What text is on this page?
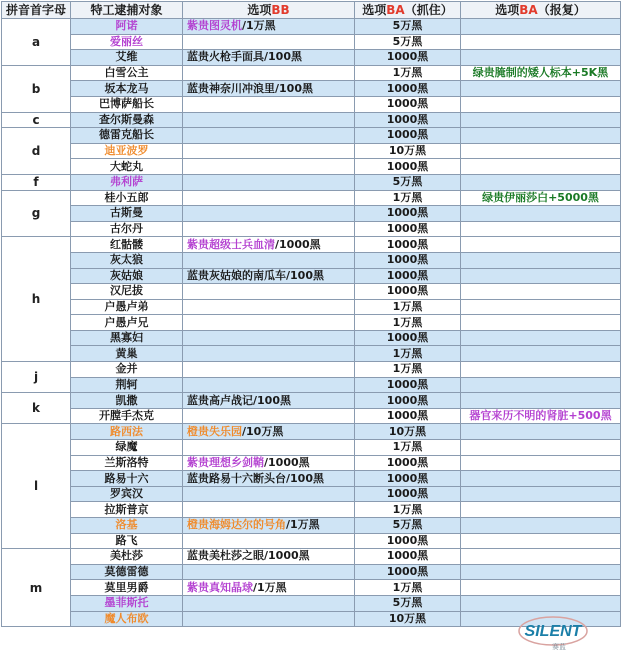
拼音首字母	特工逮捕对象	选项BB	选项BA（抓住）	选项BA（报复）
a	阿诺	紫贵图灵机/1万黑	5万黑	
	爱丽丝		5万黑	
	艾维	蓝贵火枪手面具/100黑	1000黑	
b	白雪公主		1万黑	绿贵腌制的矮人标本+5K黑
	坂本龙马	蓝贵神奈川冲浪里/100黑	1000黑	
	巴博萨船长		1000黑	
c	查尔斯曼森		1000黑	
d	德雷克船长		1000黑	
	迪亚波罗		10万黑	
	大蛇丸		1000黑	
f	弗利萨		5万黑	
g	桂小五郎		1万黑	绿贵伊丽莎白+5000黑
	古斯曼		1000黑	
	古尔丹		1000黑	
h	红骷髅	紫贵超级士兵血清/1000黑	1000黑	
	灰太狼		1000黑	
	灰姑娘	蓝贵灰姑娘的南瓜车/100黑	1000黑	
	汉尼拔		1000黑	
	户愚卢弟		1万黑	
	户愚卢兄		1万黑	
	黑寡妇		1000黑	
	黄巢		1万黑	
j	金并		1万黑	
	荆轲		1000黑	
k	凯撒	蓝贵高卢战记/100黑	1000黑	
	开膛手杰克		1000黑	器官来历不明的肾脏+500黑
l	路西法	橙贵失乐园/10万黑	10万黑	
	绿魔		1万黑	
	兰斯洛特	紫贵理想乡剑鞘/1000黑	1000黑	
	路易十六	蓝贵路易十六断头台/100黑	1000黑	
	罗宾汉		1000黑	
	拉斯普京		1万黑	
	洛基	橙贵海姆达尔的号角/1万黑	5万黑	
	路飞		1000黑	
m	美杜莎	蓝贵美杜莎之眼/1000黑	1000黑	
	莫德雷德		1000黑	
	莫里男爵	紫贵真知晶球/1万黑	1万黑	
	墨菲斯托		5万黑	
	魔人布欧		10万黑	
SILENT
赛蓝
